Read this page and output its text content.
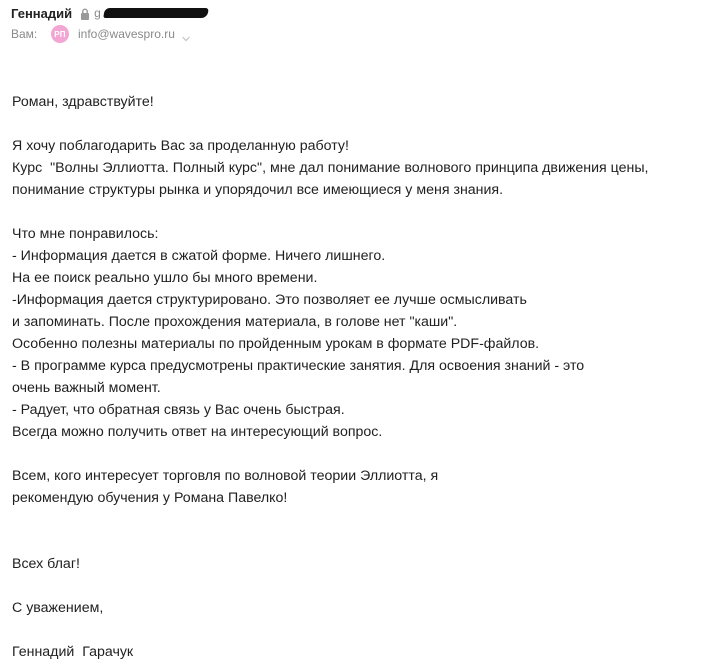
Геннадий g
Вам:	РП info@wavespro.ru
Роман, здравствуйте!
Я хочу поблагодарить Вас за проделанную работу!
Курс  "Волны Эллиотта. Полный курс", мне дал понимание волнового принципа движения цены,
понимание структуры рынка и упорядочил все имеющиеся у меня знания.
Что мне понравилось:
- Информация дается в сжатой форме. Ничего лишнего.
На ее поиск реально ушло бы много времени.
-Информация дается структурировано. Это позволяет ее лучше осмысливать
и запоминать. После прохождения материала, в голове нет "каши".
Особенно полезны материалы по пройденным урокам в формате PDF-файлов.
- В программе курса предусмотрены практические занятия. Для освоения знаний - это
очень важный момент.
- Радует, что обратная связь у Вас очень быстрая.
Всегда можно получить ответ на интересующий вопрос.
Всем, кого интересует торговля по волновой теории Эллиотта, я
рекомендую обучения у Романа Павелко!
Всех благ!
С уважением,
Геннадий  Гарачук
